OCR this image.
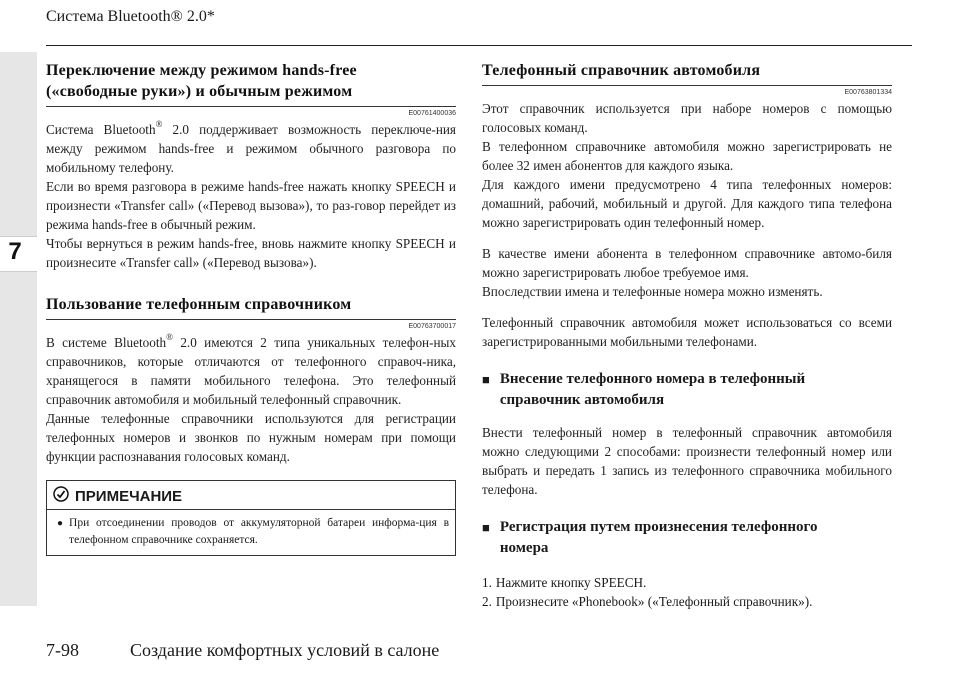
7
Система Bluetooth® 2.0*
Переключение между режимом hands-free
(«свободные руки») и обычным режимом
E00761400036

Система Bluetooth® 2.0 поддерживает возможность переключе-ния между режимом hands-free и режимом обычного разговора по мобильному телефону.

Если во время разговора в режиме hands-free нажать кнопку SPEECH и произнести «Transfer call» («Перевод вызова»), то раз-говор перейдет из режима hands-free в обычный режим.

Чтобы вернуться в режим hands-free, вновь нажмите кнопку SPEECH и произнесите «Transfer call» («Перевод вызова»).

Пользование телефонным справочником
E00763700017

В системе Bluetooth® 2.0 имеются 2 типа уникальных телефон-ных справочников, которые отличаются от телефонного справоч-ника, хранящегося в памяти мобильного телефона. Это телефонный справочник автомобиля и мобильный телефонный справочник.

Данные телефонные справочники используются для регистрации телефонных номеров и звонков по нужным номерам при помощи функции распознавания голосовых команд.

ПРИМЕЧАНИЕ
● При отсоединении проводов от аккумуляторной батареи информа-ция в телефонном справочнике сохраняется.
Телефонный справочник автомобиля
E00763801334

Этот справочник используется при наборе номеров с помощью голосовых команд.

В телефонном справочнике автомобиля можно зарегистрировать не более 32 имен абонентов для каждого языка.

Для каждого имени предусмотрено 4 типа телефонных номеров: домашний, рабочий, мобильный и другой. Для каждого типа телефона можно зарегистрировать один телефонный номер.

В качестве имени абонента в телефонном справочнике автомо-биля можно зарегистрировать любое требуемое имя.

Впоследствии имена и телефонные номера можно изменять.

Телефонный справочник автомобиля может использоваться со всеми зарегистрированными мобильными телефонами.

■ Внесение телефонного номера в телефонный
справочник автомобиля

Внести телефонный номер в телефонный справочник автомобиля можно следующими 2 способами: произнести телефонный номер или выбрать и передать 1 запись из телефонного справочника мобильного телефона.

■ Регистрация путем произнесения телефонного
номера
1. Нажмите кнопку SPEECH.
2. Произнесите «Phonebook» («Телефонный справочник»).
7-98	Создание комфортных условий в салоне
